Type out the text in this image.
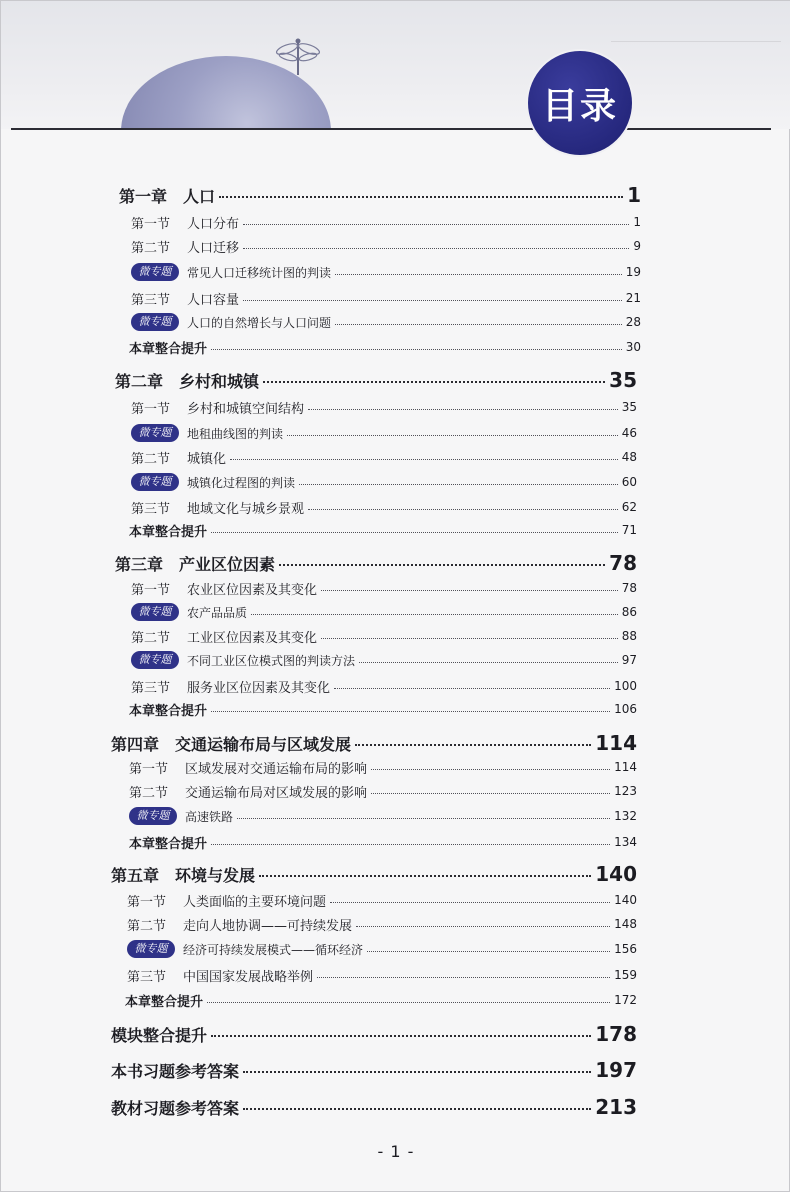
目录
第一章　人口	1
第一节 人口分布	1
第二节 人口迁移	9
微专题	常见人口迁移统计图的判读	19
第三节 人口容量	21
微专题	人口的自然增长与人口问题	28
本章整合提升	30
第二章　乡村和城镇	35
第一节 乡村和城镇空间结构	35
微专题	地租曲线图的判读	46
第二节 城镇化	48
微专题	城镇化过程图的判读	60
第三节 地域文化与城乡景观	62
本章整合提升	71
第三章　产业区位因素	78
第一节 农业区位因素及其变化	78
微专题	农产品品质	86
第二节 工业区位因素及其变化	88
微专题	不同工业区位模式图的判读方法	97
第三节 服务业区位因素及其变化	100
本章整合提升	106
第四章　交通运输布局与区域发展	114
第一节 区域发展对交通运输布局的影响	114
第二节 交通运输布局对区域发展的影响	123
微专题	高速铁路	132
本章整合提升	134
第五章　环境与发展	140
第一节 人类面临的主要环境问题	140
第二节 走向人地协调——可持续发展	148
微专题	经济可持续发展模式——循环经济	156
第三节 中国国家发展战略举例	159
本章整合提升	172
模块整合提升	178
本书习题参考答案	197
教材习题参考答案	213
- 1 -
